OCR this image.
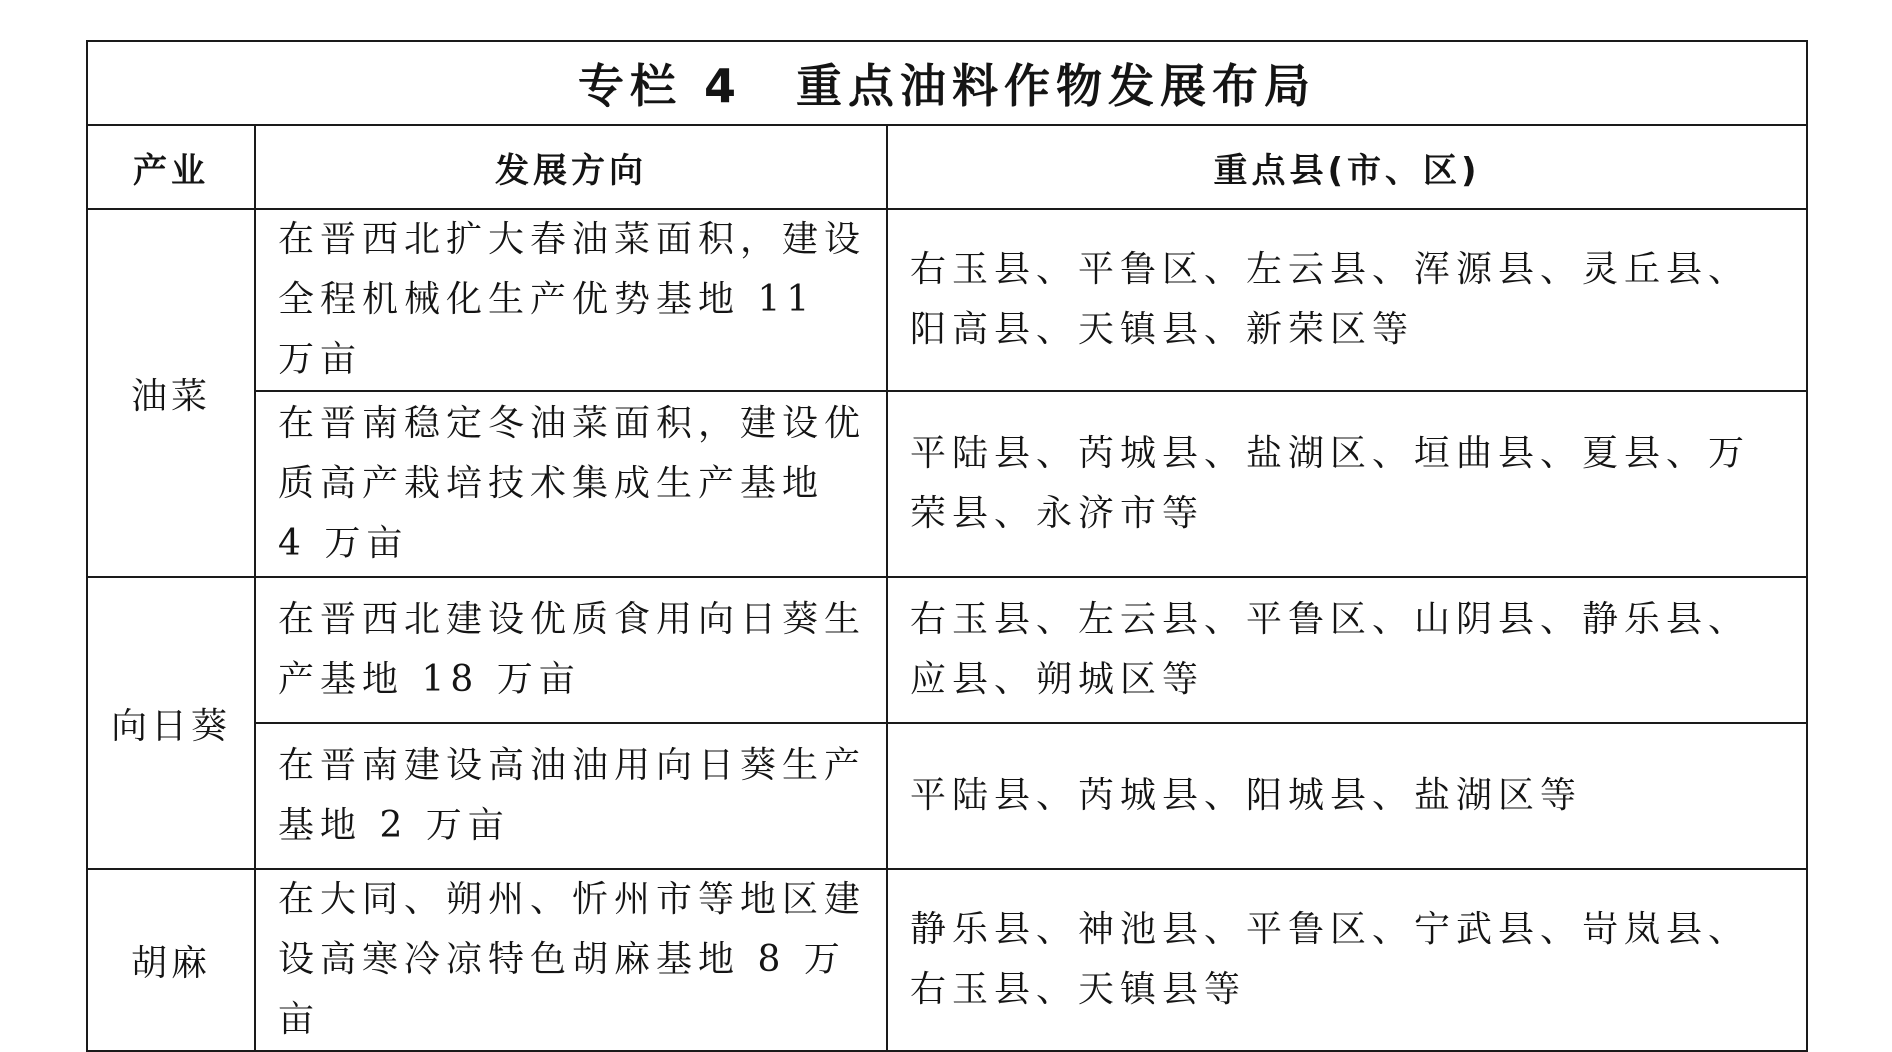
专栏 4 重点油料作物发展布局		
产业	发展方向	重点县(市、区)
油菜	在晋西北扩大春油菜面积，建设全程机械化生产优势基地 11 万亩	右玉县、平鲁区、左云县、浑源县、灵丘县、阳高县、天镇县、新荣区等
	在晋南稳定冬油菜面积，建设优质高产栽培技术集成生产基地 4 万亩	平陆县、芮城县、盐湖区、垣曲县、夏县、万荣县、永济市等
向日葵	在晋西北建设优质食用向日葵生产基地 18 万亩	右玉县、左云县、平鲁区、山阴县、静乐县、应县、朔城区等
	在晋南建设高油油用向日葵生产基地 2 万亩	平陆县、芮城县、阳城县、盐湖区等
胡麻	在大同、朔州、忻州市等地区建设高寒冷凉特色胡麻基地 8 万亩	静乐县、神池县、平鲁区、宁武县、岢岚县、右玉县、天镇县等
